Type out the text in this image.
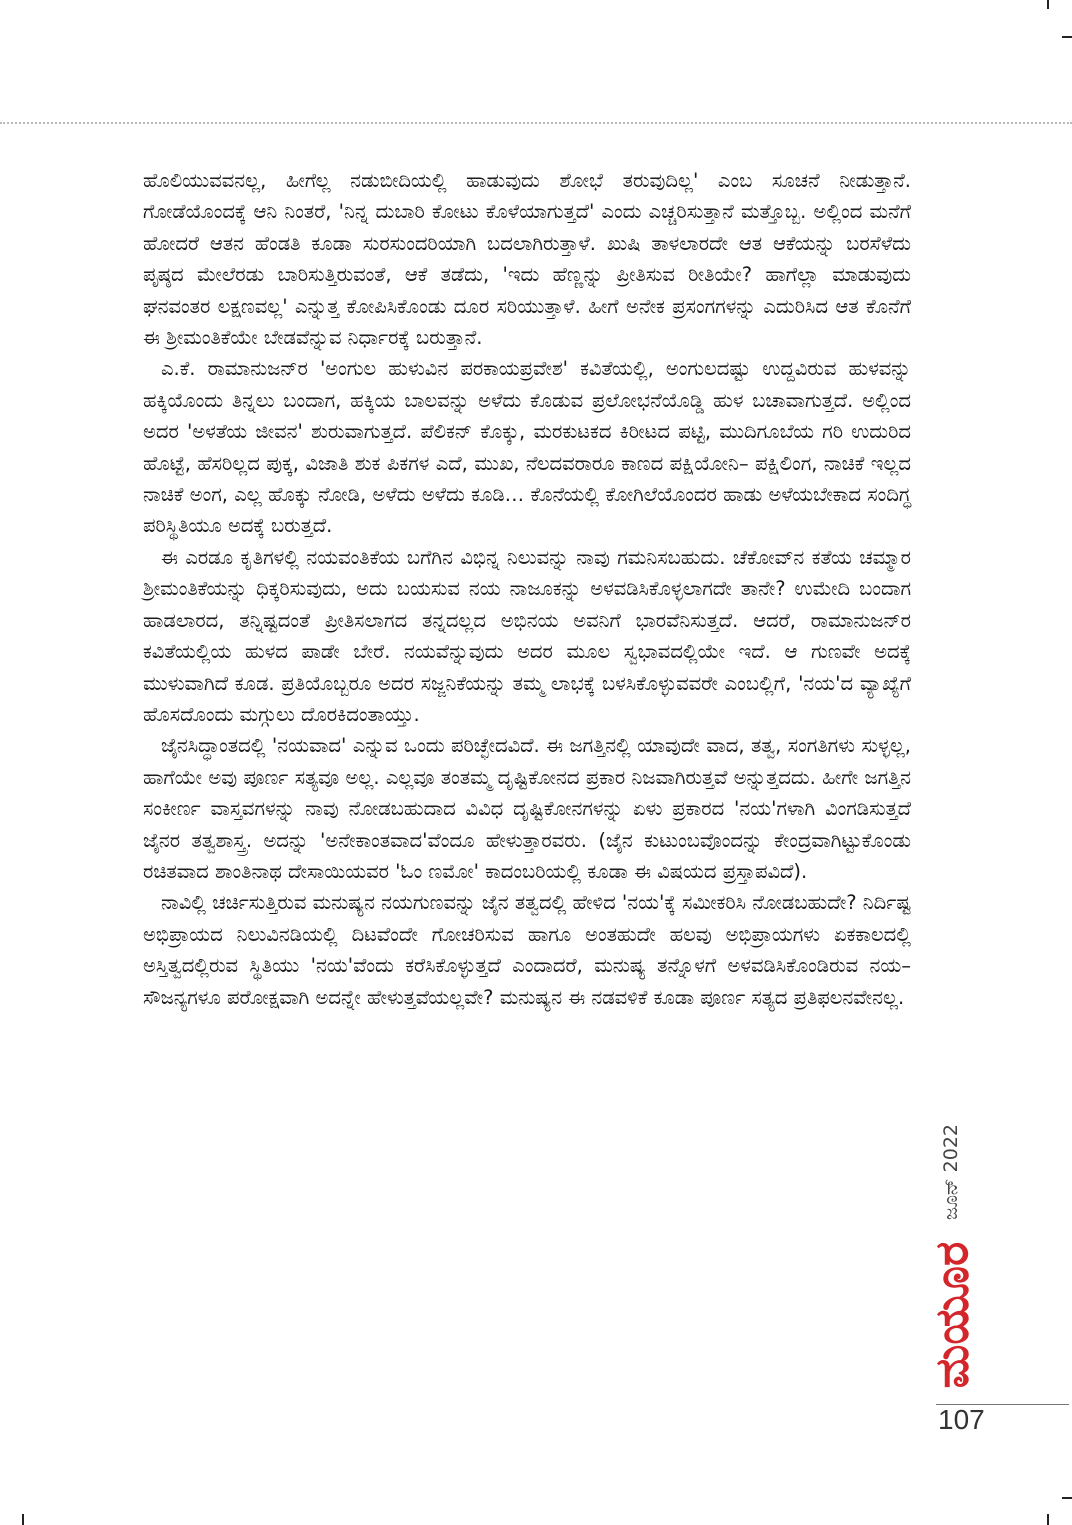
ಹೊಲಿಯುವವನಲ್ಲ, ಹೀಗೆಲ್ಲ ನಡುಬೀದಿಯಲ್ಲಿ ಹಾಡುವುದು ಶೋಭೆ ತರುವುದಿಲ್ಲ' ಎಂಬ ಸೂಚನೆ ನೀಡುತ್ತಾನೆ. ಗೋಡೆಯೊಂದಕ್ಕೆ ಆನಿ ನಿಂತರೆ, 'ನಿನ್ನ ದುಬಾರಿ ಕೋಟು ಕೊಳೆಯಾಗುತ್ತದೆ' ಎಂದು ಎಚ್ಚರಿಸುತ್ತಾನೆ ಮತ್ತೊಬ್ಬ. ಅಲ್ಲಿಂದ ಮನೆಗೆ ಹೋದರೆ ಆತನ ಹೆಂಡತಿ ಕೂಡಾ ಸುರಸುಂದರಿಯಾಗಿ ಬದಲಾಗಿರುತ್ತಾಳೆ. ಖುಷಿ ತಾಳಲಾರದೇ ಆತ ಆಕೆಯನ್ನು ಬರಸೆಳೆದು ಪೃಷ್ಠದ ಮೇಲೆರಡು ಬಾರಿಸುತ್ತಿರುವಂತೆ, ಆಕೆ ತಡೆದು, 'ಇದು ಹೆಣ್ಣನ್ನು ಪ್ರೀತಿಸುವ ರೀತಿಯೇ? ಹಾಗೆಲ್ಲಾ ಮಾಡುವುದು ಘನವಂತರ ಲಕ್ಷಣವಲ್ಲ' ಎನ್ನುತ್ತ ಕೋಪಿಸಿಕೊಂಡು ದೂರ ಸರಿಯುತ್ತಾಳೆ. ಹೀಗೆ ಅನೇಕ ಪ್ರಸಂಗಗಳನ್ನು ಎದುರಿಸಿದ ಆತ ಕೊನೆಗೆ ಈ ಶ್ರೀಮಂತಿಕೆಯೇ ಬೇಡವೆನ್ನುವ ನಿರ್ಧಾರಕ್ಕೆ ಬರುತ್ತಾನೆ.

ಎ.ಕೆ. ರಾಮಾನುಜನ್‌ರ 'ಅಂಗುಲ ಹುಳುವಿನ ಪರಕಾಯಪ್ರವೇಶ' ಕವಿತೆಯಲ್ಲಿ, ಅಂಗುಲದಷ್ಟು ಉದ್ದವಿರುವ ಹುಳವನ್ನು ಹಕ್ಕಿಯೊಂದು ತಿನ್ನಲು ಬಂದಾಗ, ಹಕ್ಕಿಯ ಬಾಲವನ್ನು ಅಳೆದು ಕೊಡುವ ಪ್ರಲೋಭನೆಯೊಡ್ಡಿ ಹುಳ ಬಚಾವಾಗುತ್ತದೆ. ಅಲ್ಲಿಂದ ಅದರ 'ಅಳತೆಯ ಜೀವನ' ಶುರುವಾಗುತ್ತದೆ. ಪೆಲಿಕನ್ ಕೊಕ್ಕು, ಮರಕುಟಕದ ಕಿರೀಟದ ಪಟ್ಟಿ, ಮುದಿಗೂಬೆಯ ಗರಿ ಉದುರಿದ ಹೊಟ್ಟೆ, ಹೆಸರಿಲ್ಲದ ಪುಕ್ಕ, ವಿಜಾತಿ ಶುಕ ಪಿಕಗಳ ಎದೆ, ಮುಖ, ನೆಲದವರಾರೂ ಕಾಣದ ಪಕ್ಷಿಯೋನಿ– ಪಕ್ಷಿಲಿಂಗ, ನಾಚಿಕೆ ಇಲ್ಲದ ನಾಚಿಕೆ ಅಂಗ, ಎಲ್ಲ ಹೊಕ್ಕು ನೋಡಿ, ಅಳೆದು ಅಳೆದು ಕೂಡಿ… ಕೊನೆಯಲ್ಲಿ ಕೋಗಿಲೆಯೊಂದರ ಹಾಡು ಅಳೆಯಬೇಕಾದ ಸಂದಿಗ್ಧ ಪರಿಸ್ಥಿತಿಯೂ ಅದಕ್ಕೆ ಬರುತ್ತದೆ.

ಈ ಎರಡೂ ಕೃತಿಗಳಲ್ಲಿ ನಯವಂತಿಕೆಯ ಬಗೆಗಿನ ವಿಭಿನ್ನ ನಿಲುವನ್ನು ನಾವು ಗಮನಿಸಬಹುದು. ಚೆಕೋವ್‌ನ ಕತೆಯ ಚಮ್ಮಾರ ಶ್ರೀಮಂತಿಕೆಯನ್ನು ಧಿಕ್ಕರಿಸುವುದು, ಅದು ಬಯಸುವ ನಯ ನಾಜೂಕನ್ನು ಅಳವಡಿಸಿಕೊಳ್ಳಲಾಗದೇ ತಾನೇ? ಉಮೇದಿ ಬಂದಾಗ ಹಾಡಲಾರದ, ತನ್ನಿಷ್ಟದಂತೆ ಪ್ರೀತಿಸಲಾಗದ ತನ್ನದಲ್ಲದ ಅಭಿನಯ ಅವನಿಗೆ ಭಾರವೆನಿಸುತ್ತದೆ. ಆದರೆ, ರಾಮಾನುಜನ್‌ರ ಕವಿತೆಯಲ್ಲಿಯ ಹುಳದ ಪಾಡೇ ಬೇರೆ. ನಯವೆನ್ನುವುದು ಅದರ ಮೂಲ ಸ್ವಭಾವದಲ್ಲಿಯೇ ಇದೆ. ಆ ಗುಣವೇ ಅದಕ್ಕೆ ಮುಳುವಾಗಿದೆ ಕೂಡ. ಪ್ರತಿಯೊಬ್ಬರೂ ಅದರ ಸಜ್ಜನಿಕೆಯನ್ನು ತಮ್ಮ ಲಾಭಕ್ಕೆ ಬಳಸಿಕೊಳ್ಳುವವರೇ ಎಂಬಲ್ಲಿಗೆ, 'ನಯ'ದ ವ್ಯಾಖ್ಯೆಗೆ ಹೊಸದೊಂದು ಮಗ್ಗುಲು ದೊರಕಿದಂತಾಯ್ತು.

ಜೈನಸಿದ್ಧಾಂತದಲ್ಲಿ 'ನಯವಾದ' ಎನ್ನುವ ಒಂದು ಪರಿಚ್ಛೇದವಿದೆ. ಈ ಜಗತ್ತಿನಲ್ಲಿ ಯಾವುದೇ ವಾದ, ತತ್ವ, ಸಂಗತಿಗಳು ಸುಳ್ಳಲ್ಲ, ಹಾಗೆಯೇ ಅವು ಪೂರ್ಣ ಸತ್ಯವೂ ಅಲ್ಲ. ಎಲ್ಲವೂ ತಂತಮ್ಮ ದೃಷ್ಟಿಕೋನದ ಪ್ರಕಾರ ನಿಜವಾಗಿರುತ್ತವೆ ಅನ್ನುತ್ತದದು. ಹೀಗೇ ಜಗತ್ತಿನ ಸಂಕೀರ್ಣ ವಾಸ್ತವಗಳನ್ನು ನಾವು ನೋಡಬಹುದಾದ ವಿವಿಧ ದೃಷ್ಟಿಕೋನಗಳನ್ನು ಏಳು ಪ್ರಕಾರದ 'ನಯ'ಗಳಾಗಿ ವಿಂಗಡಿಸುತ್ತದೆ ಜೈನರ ತತ್ವಶಾಸ್ತ್ರ. ಅದನ್ನು 'ಅನೇಕಾಂತವಾದ'ವೆಂದೂ ಹೇಳುತ್ತಾರವರು. (ಜೈನ ಕುಟುಂಬವೊಂದನ್ನು ಕೇಂದ್ರವಾಗಿಟ್ಟುಕೊಂಡು ರಚಿತವಾದ ಶಾಂತಿನಾಥ ದೇಸಾಯಿಯವರ 'ಓಂ ಣಮೋ' ಕಾದಂಬರಿಯಲ್ಲಿ ಕೂಡಾ ಈ ವಿಷಯದ ಪ್ರಸ್ತಾಪವಿದೆ).

ನಾವಿಲ್ಲಿ ಚರ್ಚಿಸುತ್ತಿರುವ ಮನುಷ್ಯನ ನಯಗುಣವನ್ನು ಜೈನ ತತ್ವದಲ್ಲಿ ಹೇಳಿದ 'ನಯ'ಕ್ಕೆ ಸಮೀಕರಿಸಿ ನೋಡಬಹುದೇ? ನಿರ್ದಿಷ್ಟ ಅಭಿಪ್ರಾಯದ ನಿಲುವಿನಡಿಯಲ್ಲಿ ದಿಟವೆಂದೇ ಗೋಚರಿಸುವ ಹಾಗೂ ಅಂತಹುದೇ ಹಲವು ಅಭಿಪ್ರಾಯಗಳು ಏಕಕಾಲದಲ್ಲಿ ಅಸ್ತಿತ್ವದಲ್ಲಿರುವ ಸ್ಥಿತಿಯು 'ನಯ'ವೆಂದು ಕರೆಸಿಕೊಳ್ಳುತ್ತದೆ ಎಂದಾದರೆ, ಮನುಷ್ಯ ತನ್ನೊಳಗೆ ಅಳವಡಿಸಿಕೊಂಡಿರುವ ನಯ– ಸೌಜನ್ಯಗಳೂ ಪರೋಕ್ಷವಾಗಿ ಅದನ್ನೇ ಹೇಳುತ್ತವೆಯಲ್ಲವೇ? ಮನುಷ್ಯನ ಈ ನಡವಳಿಕೆ ಕೂಡಾ ಪೂರ್ಣ ಸತ್ಯದ ಪ್ರತಿಫಲನವೇನಲ್ಲ.

ಜೂನ್ 2022
ಮಯೂರ
107
